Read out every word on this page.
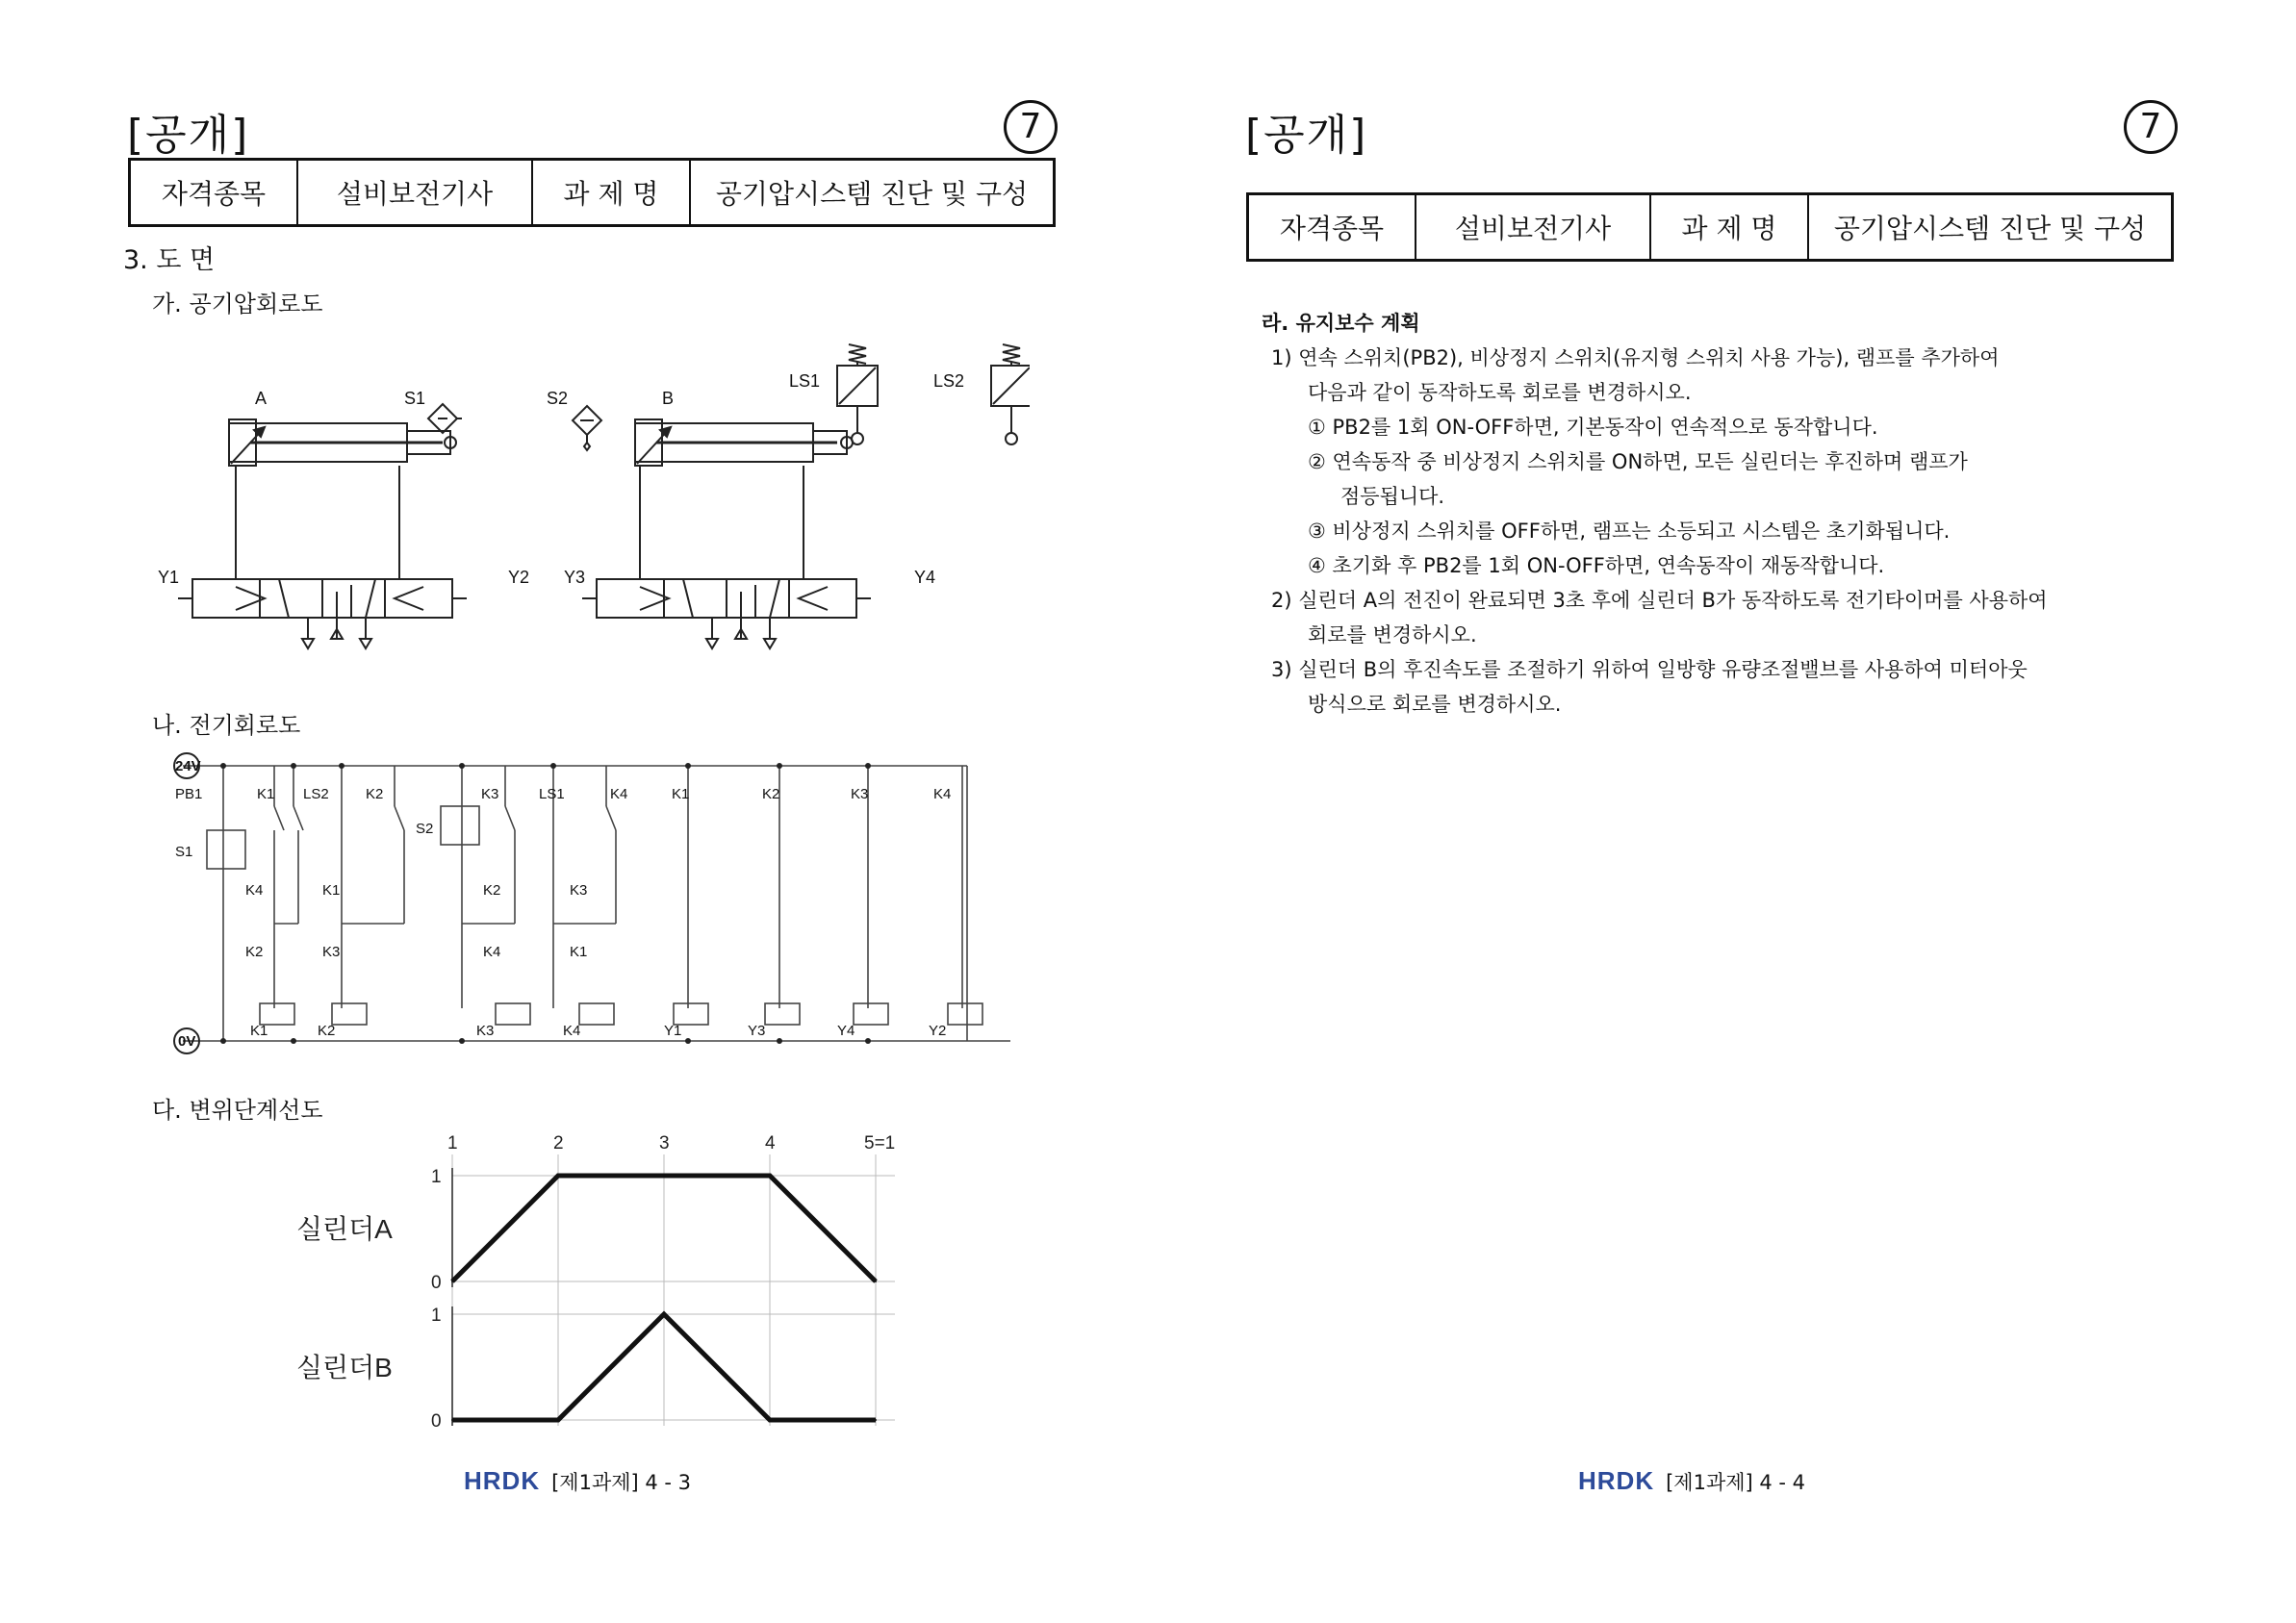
[공개]	7
자격종목	설비보전기사	과 제 명	공기압시스템 진단 및 구성
3. 도 면
가. 공기압회로도
A	S1	S2	B
LS1	LS2
Y1	Y2 Y3	Y4
나. 전기회로도
24V
0V
PB1
S1
S2
K1 LS2	K2	K3	LS1	K4	K1	K2	K3	K4
K4
K2
K1
K3
K2
K4
K3
K1
K1	K2	K3	K4	Y1	Y3	Y4	Y2
다. 변위단계선도
1	2	3	4	5=1
1
0
실린더A
1
0
실린더B
HRDK [제1과제] 4 - 3
[공개]	7
자격종목	설비보전기사	과 제 명	공기압시스템 진단 및 구성
라. 유지보수 계획
1) 연속 스위치(PB2), 비상정지 스위치(유지형 스위치 사용 가능), 램프를 추가하여
다음과 같이 동작하도록 회로를 변경하시오.
① PB2를 1회 ON-OFF하면, 기본동작이 연속적으로 동작합니다.
② 연속동작 중 비상정지 스위치를 ON하면, 모든 실린더는 후진하며 램프가
점등됩니다.
③ 비상정지 스위치를 OFF하면, 램프는 소등되고 시스템은 초기화됩니다.
④ 초기화 후 PB2를 1회 ON-OFF하면, 연속동작이 재동작합니다.
2) 실린더 A의 전진이 완료되면 3초 후에 실린더 B가 동작하도록 전기타이머를 사용하여
회로를 변경하시오.
3) 실린더 B의 후진속도를 조절하기 위하여 일방향 유량조절밸브를 사용하여 미터아웃
방식으로 회로를 변경하시오.
HRDK [제1과제] 4 - 4
